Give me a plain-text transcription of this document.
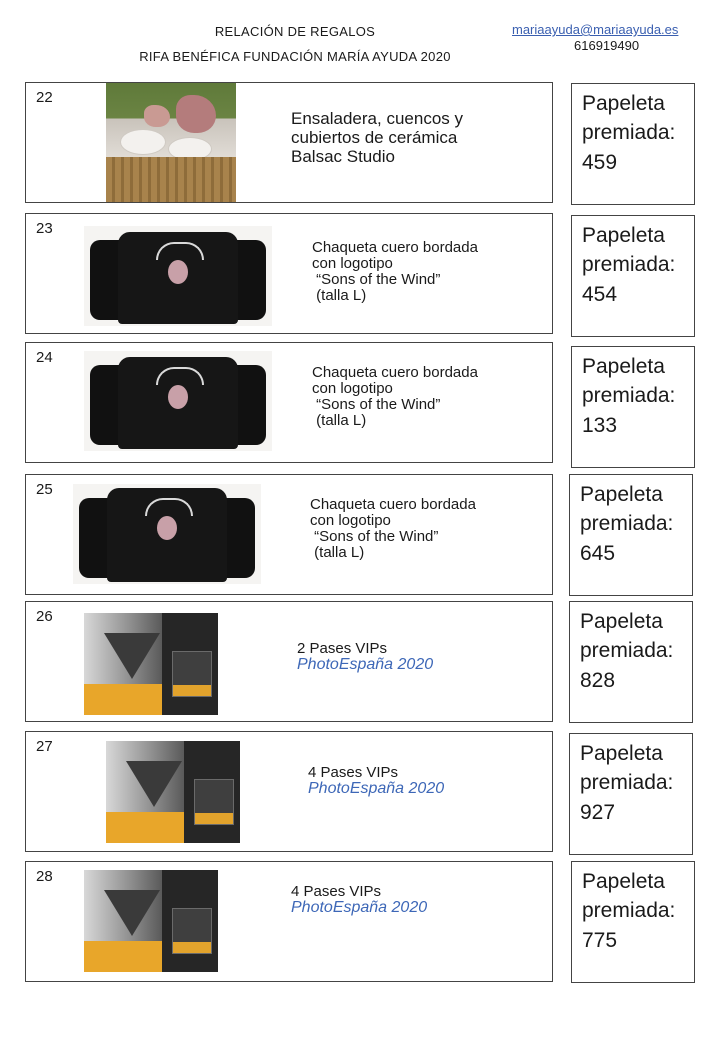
RELACIÓN DE REGALOS
RIFA BENÉFICA FUNDACIÓN MARÍA AYUDA 2020
mariaayuda@mariaayuda.es
616919490
22
Ensaladera, cuencos y
cubiertos de cerámica
Balsac Studio
Papeleta
premiada:
459
23
Chaqueta cuero bordada
con logotipo
“Sons of the Wind”
(talla L)
Papeleta
premiada:
454
24
Chaqueta cuero bordada
con logotipo
“Sons of the Wind”
(talla L)
Papeleta
premiada:
133
25
Chaqueta cuero bordada
con logotipo
“Sons of the Wind”
(talla L)
Papeleta
premiada:
645
26
2 Pases VIPs
PhotoEspaña 2020
Papeleta
premiada:
828
27
4 Pases VIPs
PhotoEspaña 2020
Papeleta
premiada:
927
28
4 Pases VIPs
PhotoEspaña 2020
Papeleta
premiada:
775
